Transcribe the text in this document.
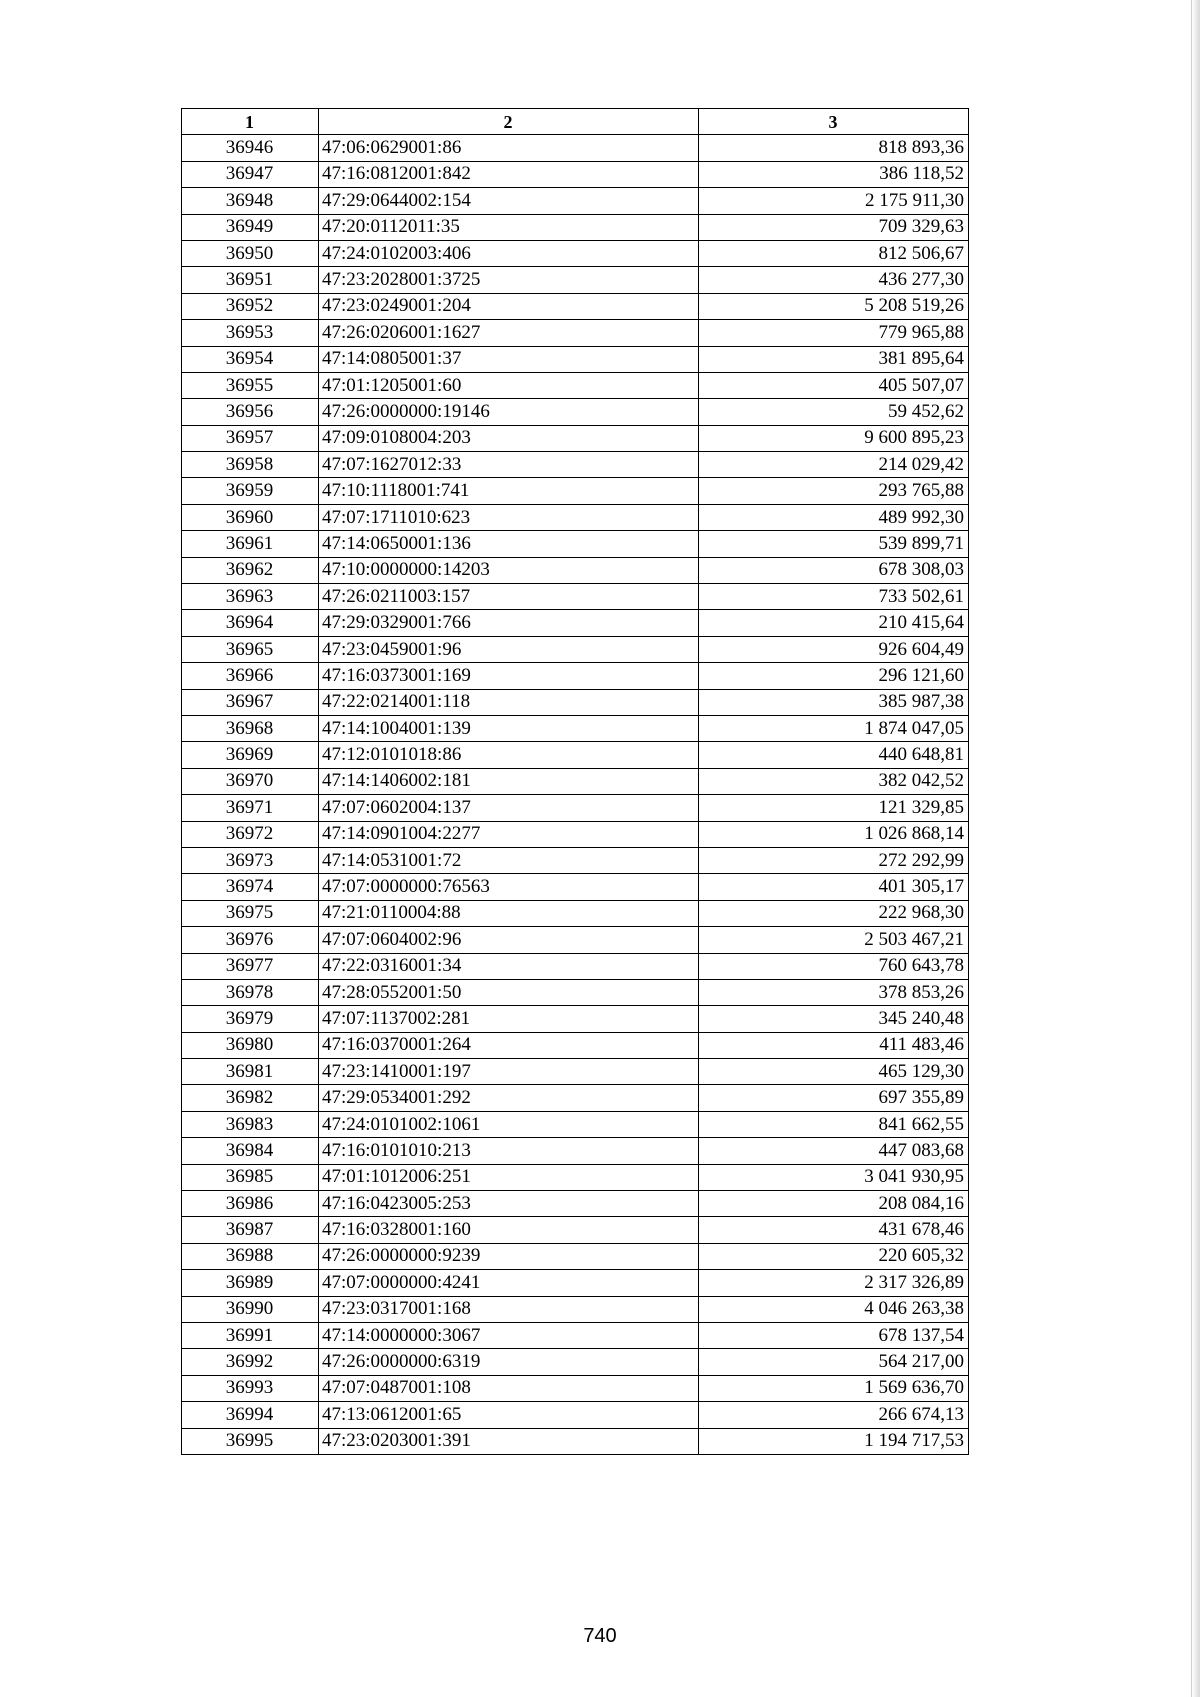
1	2	3
36946	47:06:0629001:86	818 893,36
36947	47:16:0812001:842	386 118,52
36948	47:29:0644002:154	2 175 911,30
36949	47:20:0112011:35	709 329,63
36950	47:24:0102003:406	812 506,67
36951	47:23:2028001:3725	436 277,30
36952	47:23:0249001:204	5 208 519,26
36953	47:26:0206001:1627	779 965,88
36954	47:14:0805001:37	381 895,64
36955	47:01:1205001:60	405 507,07
36956	47:26:0000000:19146	59 452,62
36957	47:09:0108004:203	9 600 895,23
36958	47:07:1627012:33	214 029,42
36959	47:10:1118001:741	293 765,88
36960	47:07:1711010:623	489 992,30
36961	47:14:0650001:136	539 899,71
36962	47:10:0000000:14203	678 308,03
36963	47:26:0211003:157	733 502,61
36964	47:29:0329001:766	210 415,64
36965	47:23:0459001:96	926 604,49
36966	47:16:0373001:169	296 121,60
36967	47:22:0214001:118	385 987,38
36968	47:14:1004001:139	1 874 047,05
36969	47:12:0101018:86	440 648,81
36970	47:14:1406002:181	382 042,52
36971	47:07:0602004:137	121 329,85
36972	47:14:0901004:2277	1 026 868,14
36973	47:14:0531001:72	272 292,99
36974	47:07:0000000:76563	401 305,17
36975	47:21:0110004:88	222 968,30
36976	47:07:0604002:96	2 503 467,21
36977	47:22:0316001:34	760 643,78
36978	47:28:0552001:50	378 853,26
36979	47:07:1137002:281	345 240,48
36980	47:16:0370001:264	411 483,46
36981	47:23:1410001:197	465 129,30
36982	47:29:0534001:292	697 355,89
36983	47:24:0101002:1061	841 662,55
36984	47:16:0101010:213	447 083,68
36985	47:01:1012006:251	3 041 930,95
36986	47:16:0423005:253	208 084,16
36987	47:16:0328001:160	431 678,46
36988	47:26:0000000:9239	220 605,32
36989	47:07:0000000:4241	2 317 326,89
36990	47:23:0317001:168	4 046 263,38
36991	47:14:0000000:3067	678 137,54
36992	47:26:0000000:6319	564 217,00
36993	47:07:0487001:108	1 569 636,70
36994	47:13:0612001:65	266 674,13
36995	47:23:0203001:391	1 194 717,53
740
